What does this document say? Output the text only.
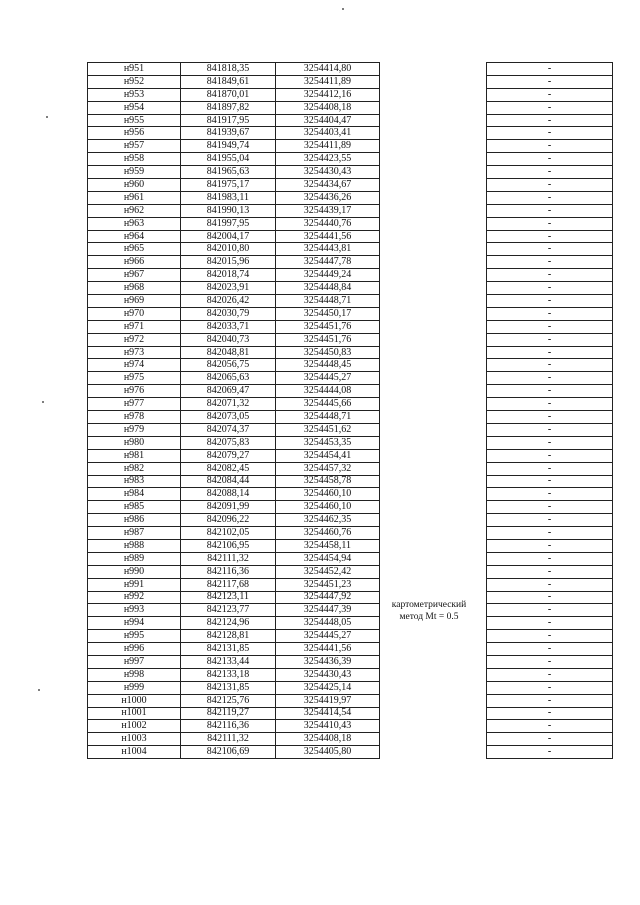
н951	841818,35	3254414,80		-
н952	841849,61	3254411,89		-
н953	841870,01	3254412,16		-
н954	841897,82	3254408,18		-
н955	841917,95	3254404,47		-
н956	841939,67	3254403,41		-
н957	841949,74	3254411,89		-
н958	841955,04	3254423,55		-
н959	841965,63	3254430,43		-
н960	841975,17	3254434,67		-
н961	841983,11	3254436,26		-
н962	841990,13	3254439,17		-
н963	841997,95	3254440,76		-
н964	842004,17	3254441,56		-
н965	842010,80	3254443,81		-
н966	842015,96	3254447,78		-
н967	842018,74	3254449,24		-
н968	842023,91	3254448,84		-
н969	842026,42	3254448,71		-
н970	842030,79	3254450,17		-
н971	842033,71	3254451,76		-
н972	842040,73	3254451,76		-
н973	842048,81	3254450,83		-
н974	842056,75	3254448,45		-
н975	842065,63	3254445,27		-
н976	842069,47	3254444,08		-
н977	842071,32	3254445,66		-
н978	842073,05	3254448,71		-
н979	842074,37	3254451,62		-
н980	842075,83	3254453,35		-
н981	842079,27	3254454,41		-
н982	842082,45	3254457,32		-
н983	842084,44	3254458,78		-
н984	842088,14	3254460,10		-
н985	842091,99	3254460,10		-
н986	842096,22	3254462,35		-
н987	842102,05	3254460,76		-
н988	842106,95	3254458,11		-
н989	842111,32	3254454,94		-
н990	842116,36	3254452,42		-
н991	842117,68	3254451,23		-
н992	842123,11	3254447,92		-
н993	842123,77	3254447,39		-
н994	842124,96	3254448,05		-
н995	842128,81	3254445,27		-
н996	842131,85	3254441,56		-
н997	842133,44	3254436,39		-
н998	842133,18	3254430,43		-
н999	842131,85	3254425,14		-
н1000	842125,76	3254419,97		-
н1001	842119,27	3254414,54		-
н1002	842116,36	3254410,43		-
н1003	842111,32	3254408,18		-
н1004	842106,69	3254405,80		-
картометрический
метод Mt = 0.5
